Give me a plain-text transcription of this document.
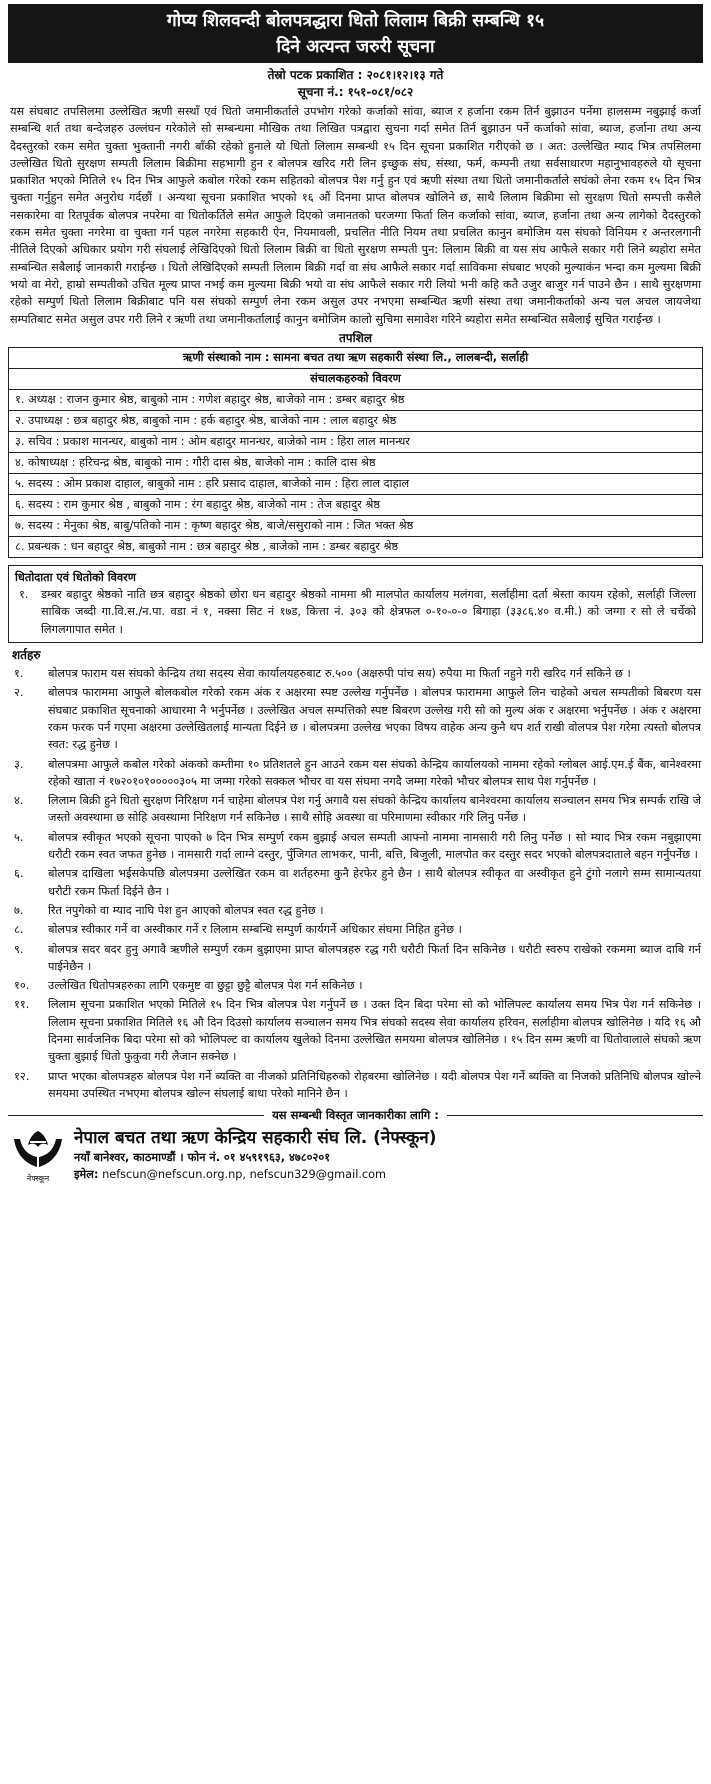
गोप्य शिलवन्दी बोलपत्रद्धारा धितो लिलाम बिक्री सम्बन्धि १५
दिने अत्यन्त जरुरी सूचना
तेस्रो पटक प्रकाशित : २०८१।१२।१३ गते
सूचना नं.: १५१-०८१/०८२
यस संघबाट तपसिलमा उल्लेखित ऋणी सस्थाँ एवं धितो जमानीकर्ताले उपभोग गरेको कर्जाको सांवा, ब्याज र हर्जाना रकम तिर्न बुझाउन पर्नेमा हालसम्म नबुझाई कर्जा सम्बन्धि शर्त तथा बन्देजहरु उल्लंघन गरेकोले सो सम्बन्धमा मौखिक तथा लिखित पत्रद्वारा सुचना गर्दा समेत तिर्न बुझाउन पर्ने कर्जाको सांवा, ब्याज, हर्जाना तथा अन्य दैदस्तुरको रकम समेत चुक्ता भुक्तानी नगरी बाँकी रहेको हुनाले यो धितो लिलाम सम्बन्धी १५ दिन सूचना प्रकाशित गरीएको छ । अत: उल्लेखित म्याद भित्र तपसिलमा उल्लेखित धितो सुरक्षण सम्पती लिलाम बिक्रीमा सहभागी हुन र बोलपत्र खरिद गरी लिन इच्छुक संघ, संस्था, फर्म, कम्पनी तथा सर्वसाधारण महानुभावहरुले यो सूचना प्रकाशित भएको मितिले १५ दिन भित्र आफुले कबोल गरेको रकम सहितको बोलपत्र पेश गर्नु हुन एवं ऋणी संस्था तथा धितो जमानीकर्ताले सघंको लेना रकम १५ दिन भित्र चुक्ता गर्नुहुन समेत अनुरोध गर्दछौं । अन्यथा सूचना प्रकाशित भएको १६ औं दिनमा प्राप्त बोलपत्र खोलिने छ, साथै लिलाम बिक्रीमा सो सुरक्षण धितो सम्पत्ती कसैले नसकारेमा वा रितपूर्वक बोलपत्र नपरेमा वा धितोकर्तिले समेत आफुले दिएको जमानतको घरजग्गा फिर्ता लिन कर्जाको सांवा, ब्याज, हर्जाना तथा अन्य लागेको दैदस्तुरको रकम समेत चुक्ता नगरेमा वा चुक्ता गर्न पहल नगरेमा सहकारी ऐन, नियमावली, प्रचलित नीति नियम तथा प्रचलित कानुन बमोजिम यस संघको विनियम र अन्तरलगानी नीतिले दिएको अधिकार प्रयोग गरी संघलाई लेखिदिएको धितो लिलाम बिक्री वा धितो सुरक्षण सम्पती पुन: लिलाम बिक्री वा यस संघ आफैले सकार गरी लिने ब्यहोरा समेत सम्बन्धित सबैलाई जानकारी गराईन्छ । धितो लेखिदिएको सम्पती लिलाम बिक्री गर्दा वा संघ आफैले सकार गर्दा साविकमा संघबाट भएको मुल्याकंन भन्दा कम मुल्यमा बिक्री भयो वा मेरो, हाम्रो सम्पतीको उचित मूल्य प्राप्त नभई कम मुल्यमा बिक्री भयो वा संघ आफैले सकार गरी लियो भनी कहि कतै उजुर बाजुर गर्न पाउने छैन । साथै सुरक्षणमा रहेको सम्पुर्ण धितो लिलाम बिक्रीबाट पनि यस संघको सम्पुर्ण लेना रकम असुल उपर नभएमा सम्बन्धित ऋणी संस्था तथा जमानीकर्ताको अन्य चल अचल जायजेथा सम्पतिबाट समेत असुल उपर गरी लिने र ऋणी तथा जमानीकर्तालाई कानुन बमोजिम कालो सुचिमा समावेश गरिने ब्यहोरा समेत सम्बन्धित सबैलाई सुचित गराईन्छ ।
तपशिल
ऋणी संस्थाको नाम : सामना बचत तथा ऋण सहकारी संस्था लि., लालबन्दी, सर्लाही
संचालकहरुको विवरण
१. अध्यक्ष : राजन कुमार श्रेष्ठ, बाबुको नाम : गणेश बहादुर श्रेष्ठ, बाजेको नाम : डम्बर बहादुर श्रेष्ठ
२. उपाध्यक्ष : छत्र बहादुर श्रेष्ठ, बाबुको नाम : हर्क बहादुर श्रेष्ठ, बाजेको नाम : लाल बहादुर श्रेष्ठ
३. सचिव : प्रकाश मानन्धर, बाबुको नाम : ओम बहादुर मानन्धर, बाजेको नाम : हिरा लाल मानन्धर
४. कोषाध्यक्ष : हरिचन्द्र श्रेष्ठ, बाबुको नाम : गौरी दास श्रेष्ठ, बाजेको नाम : कालि दास श्रेष्ठ
५. सदस्य : ओम प्रकाश दाहाल, बाबुको नाम : हरि प्रसाद दाहाल, बाजेको नाम : हिरा लाल दाहाल
६. सदस्य : राम कुमार श्रेष्ठ , बाबुको नाम : रंग बहादुर श्रेष्ठ, बाजेको नाम : तेज बहादुर श्रेष्ठ
७. सदस्य : मेनुका श्रेष्ठ, बाबु/पतिको नाम : कृष्ण बहादुर श्रेष्ठ, बाजे/ससुराको नाम : जित भक्त श्रेष्ठ
८. प्रबन्धक : धन बहादुर श्रेष्ठ, बाबुको नाम : छत्र बहादुर श्रेष्ठ , बाजेको नाम : डम्बर बहादुर श्रेष्ठ
धितोदाता एवं धितोको विवरण
१.	डम्बर बहादुर श्रेष्ठको नाति छत्र बहादुर श्रेष्ठको छोरा धन बहादुर श्रेष्ठको नाममा श्री मालपोत कार्यालय मलंगवा, सर्लाहीमा दर्ता श्रेस्ता कायम रहेको, सर्लाही जिल्ला साबिक जब्दी गा.वि.स./न.पा. वडा नं १, नक्सा सिट नं १७ड, कित्ता नं. ३०३ को क्षेत्रफल ०-१०-०-० बिगाहा (३३८६.४० व.मी.) को जग्गा र सो ले चर्चेको लिगलगापात समेत ।
शर्तहरु
१.	बोलपत्र फाराम यस संघको केन्द्रिय तथा सदस्य सेवा कार्यालयहरुबाट रु.५०० (अक्षरुपी पांच सय) रुपैया मा फिर्ता नहुने गरी खरिद गर्न सकिने छ ।
२.	बोलपत्र फाराममा आफुले बोलकबोल गरेको रकम अंक र अक्षरमा स्पष्ट उल्लेख गर्नुपर्नेछ । बोलपत्र फाराममा आफुले लिन चाहेको अचल सम्पतीको बिबरण यस संघबाट प्रकाशित सूचनाको आधारमा नै भर्नुपर्नेछ । उल्लेखित अचल सम्पत्तिको स्पष्ट बिबरण उल्लेख गरी सो को मुल्य अंक र अक्षरमा भर्नुपर्नेछ । अंक र अक्षरमा रकम फरक पर्न गएमा अक्षरमा उल्लेखितलाई मान्यता दिईने छ । बोलपत्रमा उल्लेख भएका विषय वाहेक अन्य कुनै थप शर्त राखी वोलपत्र पेश गरेमा त्यस्तो बोलपत्र स्वत: रद्ध हुनेछ ।
३.	बोलपत्रमा आफुले कबोल गरेको अंकको कम्तीमा १० प्रतिशतले हुन आउने रकम यस संघको केन्द्रिय कार्यालयको नाममा रहेको ग्लोबल आई.एम.ई बैंक, बानेश्वरमा रहेको खाता नं १७२०१०१०००००३०५ मा जम्मा गरेको सक्कल भौचर वा यस संघमा नगदै जम्मा गरेको भौचर बोलपत्र साथ पेश गर्नुपर्नेछ ।
४.	लिलाम बिक्री हुने धितो सुरक्षण निरिक्षण गर्न चाहेमा बोलपत्र पेश गर्नु अगावै यस संघको केन्द्रिय कार्यालय बानेश्वरमा कार्यालय सञ्चालन समय भित्र सम्पर्क राखि जे जस्तो अवस्थामा छ सोहि अवस्थामा निरिक्षण गर्न सकिनेछ । साथै सोहि अवस्था वा परिमाणमा स्वीकार गरि लिनु पर्नेछ ।
५.	बोलपत्र स्वीकृत भएको सूचना पाएको ७ दिन भित्र सम्पुर्ण रकम बुझाई अचल सम्पती आफ्नो नाममा नामसारी गरी लिनु पर्नेछ । सो म्याद भित्र रकम नबुझाएमा धरौटी रकम स्वत जफत हुनेछ । नामसारी गर्दा लाग्ने दस्तुर, पुँजिगत लाभकर, पानी, बत्ति, बिजुली, मालपोत कर दस्तुर सदर भएको बोलपत्रदाताले बहन गर्नुपर्नेछ ।
६.	बोलपत्र दाखिला भईसकेपछि बोलपत्रमा उल्लेखित रकम वा शर्तहरुमा कुनै हेरफेर हुने छैन । साथै बोलपत्र स्वीकृत वा अस्वीकृत हुने टुंगो नलागे सम्म सामान्यतया धरौटी रकम फिर्ता दिईने छैन ।
७.	रित नपुगेको वा म्याद नाघि पेश हुन आएको बोलपत्र स्वत रद्ध हुनेछ ।
८.	बोलपत्र स्वीकार गर्ने वा अस्वीकार गर्ने र लिलाम सम्बन्धि सम्पुर्ण कार्यगर्ने अधिकार संघमा निहित हुनेछ ।
९.	बोलपत्र सदर बदर हुनु अगावै ऋणीले सम्पुर्ण रकम बुझाएमा प्राप्त बोलपत्रहरु रद्ध गरी धरौटी फिर्ता दिन सकिनेछ । धरौटी स्वरुप राखेको रकममा ब्याज दाबि गर्न पाईनेछैन ।
१०.	उल्लेखित धितोपत्रहरुका लागि एकमुष्ट वा छुट्टा छुट्टै बोलपत्र पेश गर्न सकिनेछ ।
११.	लिलाम सूचना प्रकाशित भएको मितिले १५ दिन भित्र बोलपत्र पेश गर्नुपर्ने छ । उक्त दिन बिदा परेमा सो को भोलिपल्ट कार्यालय समय भित्र पेश गर्न सकिनेछ । लिलाम सूचना प्रकाशित मितिले १६ औ दिन दिउसो कार्यालय सञ्चालन समय भित्र संघको सदस्य सेवा कार्यालय हरिवन, सर्लाहीमा बोलपत्र खोलिनेछ । यदि १६ औ दिनमा सार्वजनिक बिदा परेमा सो को भोलिपल्ट वा कार्यालय खुलेको दिनमा उल्लेखित समयमा बोलपत्र खोलिनेछ । १५ दिन सम्म ऋणी वा धितोवालाले संघको ऋण चुक्ता बुझाई धितो फुकुवा गरी लैजान सक्नेछ ।
१२.	प्राप्त भएका बोलपत्रहरु बोलपत्र पेश गर्ने ब्यक्ति वा नीजको प्रतिनिधिहरुको रोहबरमा खोलिनेछ । यदी बोलपत्र पेश गर्ने ब्यक्ति वा निजको प्रतिनिधि बोलपत्र खोल्ने समयमा उपस्थित नभएमा बोलपत्र खोल्न संघलाई बाधा परेको मानिने छैन ।
यस सम्बन्धी विस्तृत जानकारीका लागि :
नेफ्स्कून
नेपाल बचत तथा ऋण केन्द्रिय सहकारी संघ लि. (नेफ्स्कून)
नयाँ बानेश्वर, काठमाण्डौं । फोन नं. ०१ ४५९१९६३, ४७८०२०१
इमेल: nefscun@nefscun.org.np, nefscun329@gmail.com
